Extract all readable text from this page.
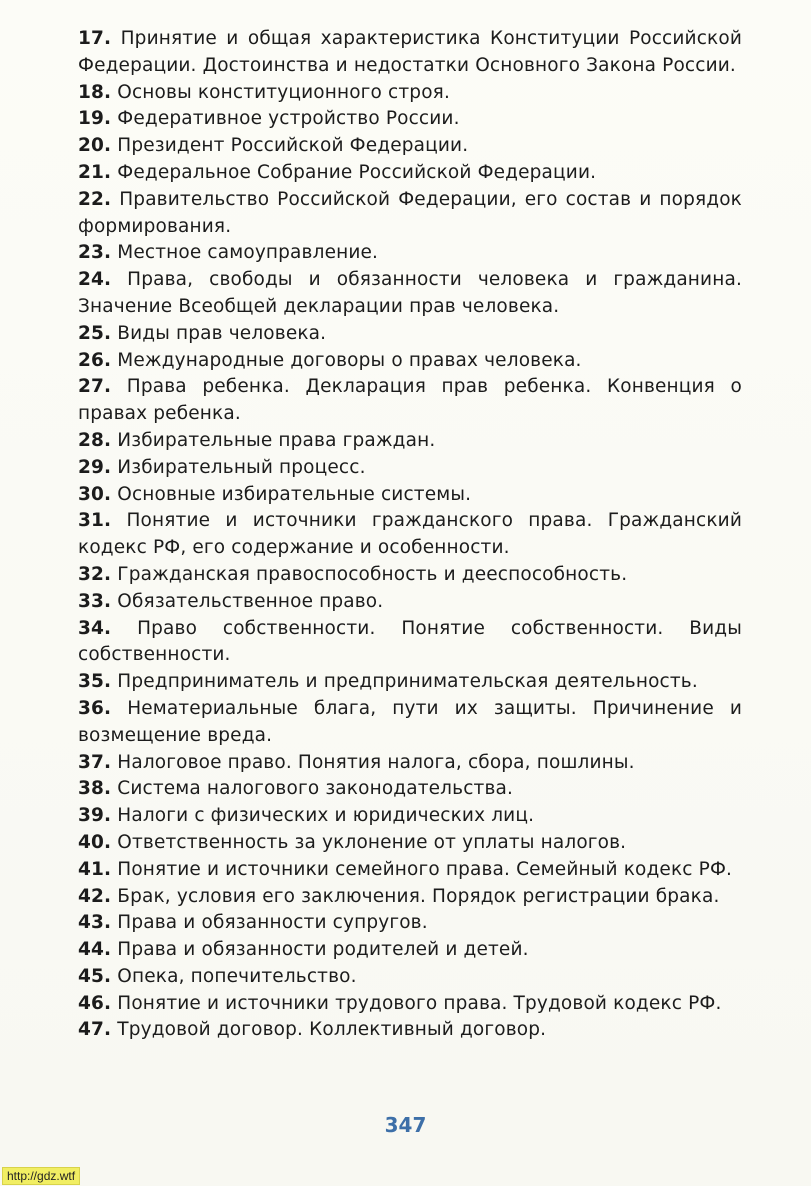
17. Принятие и общая характеристика Конституции Российской Федерации. Достоинства и недостатки Основного Закона России.
18. Основы конституционного строя.
19. Федеративное устройство России.
20. Президент Российской Федерации.
21. Федеральное Собрание Российской Федерации.
22. Правительство Российской Федерации, его состав и порядок формирования.
23. Местное самоуправление.
24. Права, свободы и обязанности человека и гражданина. Значение Всеобщей декларации прав человека.
25. Виды прав человека.
26. Международные договоры о правах человека.
27. Права ребенка. Декларация прав ребенка. Конвенция о правах ребенка.
28. Избирательные права граждан.
29. Избирательный процесс.
30. Основные избирательные системы.
31. Понятие и источники гражданского права. Гражданский кодекс РФ, его содержание и особенности.
32. Гражданская правоспособность и дееспособность.
33. Обязательственное право.
34. Право собственности. Понятие собственности. Виды собственности.
35. Предприниматель и предпринимательская деятельность.
36. Нематериальные блага, пути их защиты. Причинение и возмещение вреда.
37. Налоговое право. Понятия налога, сбора, пошлины.
38. Система налогового законодательства.
39. Налоги с физических и юридических лиц.
40. Ответственность за уклонение от уплаты налогов.
41. Понятие и источники семейного права. Семейный кодекс РФ.
42. Брак, условия его заключения. Порядок регистрации брака.
43. Права и обязанности супругов.
44. Права и обязанности родителей и детей.
45. Опека, попечительство.
46. Понятие и источники трудового права. Трудовой кодекс РФ.
47. Трудовой договор. Коллективный договор.
347
http://gdz.wtf
